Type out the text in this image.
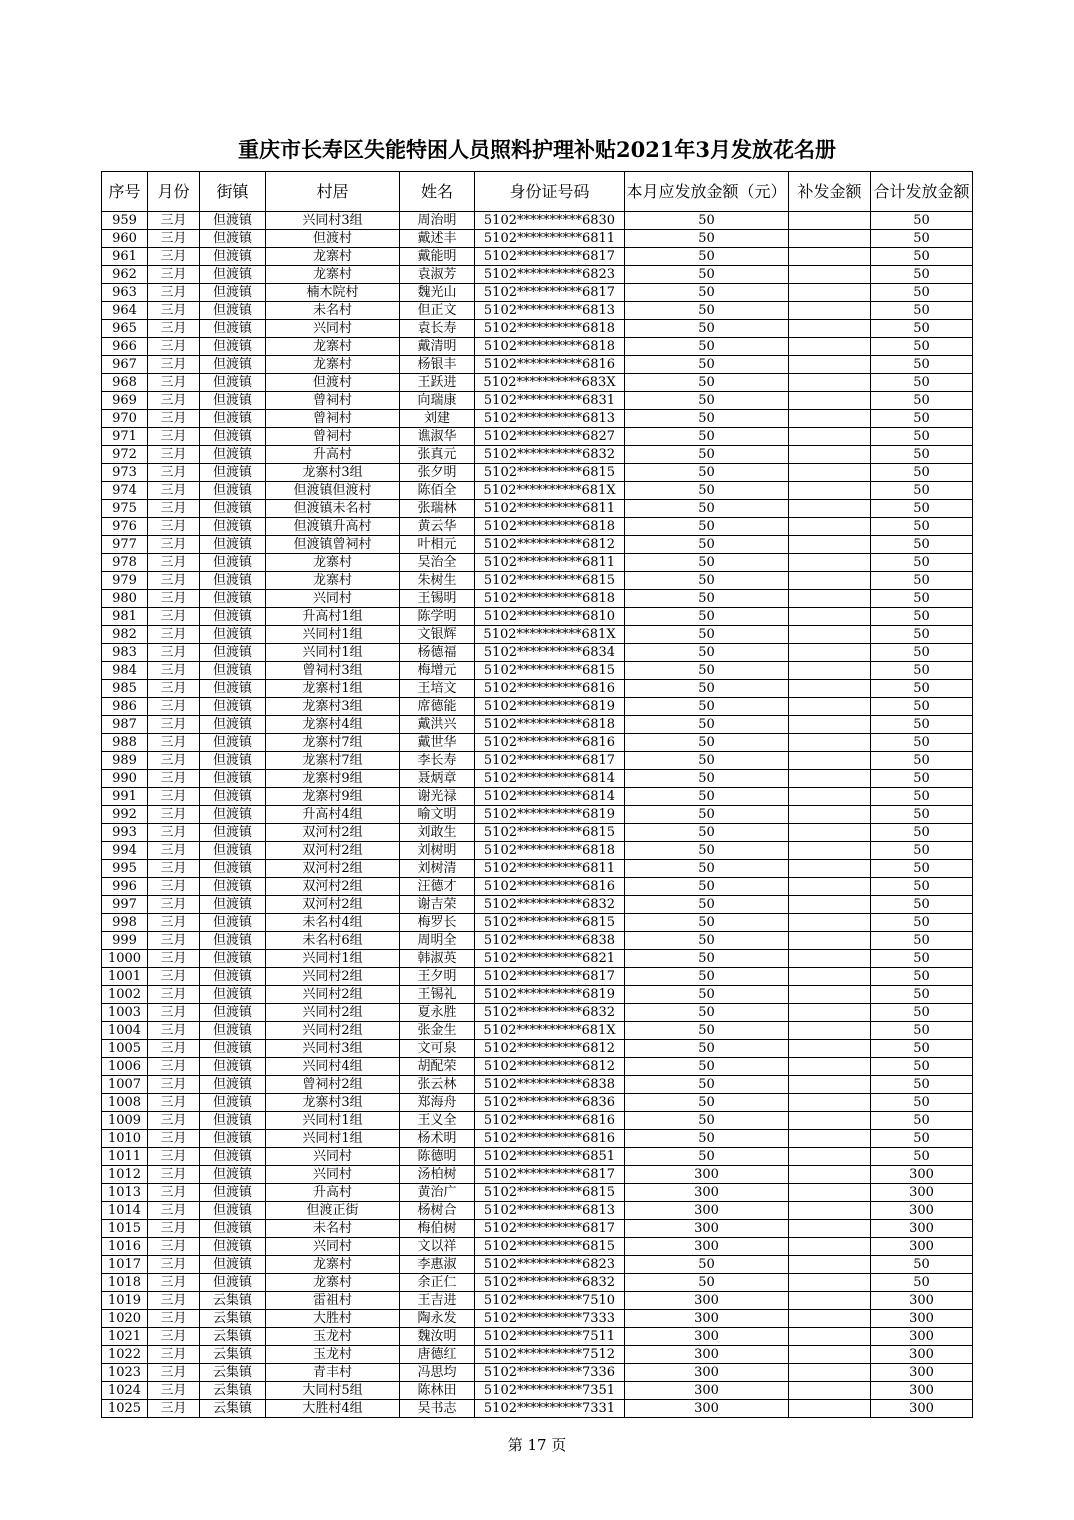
重庆市长寿区失能特困人员照料护理补贴2021年3月发放花名册
序号	月份	街镇	村居	姓名	身份证号码	本月应发放金额（元）	补发金额	合计发放金额
959	三月	但渡镇	兴同村3组	周治明	5102**********6830	50		50
960	三月	但渡镇	但渡村	戴述丰	5102**********6811	50		50
961	三月	但渡镇	龙寨村	戴能明	5102**********6817	50		50
962	三月	但渡镇	龙寨村	袁淑芳	5102**********6823	50		50
963	三月	但渡镇	楠木院村	魏光山	5102**********6817	50		50
964	三月	但渡镇	未名村	但正文	5102**********6813	50		50
965	三月	但渡镇	兴同村	袁长寿	5102**********6818	50		50
966	三月	但渡镇	龙寨村	戴清明	5102**********6818	50		50
967	三月	但渡镇	龙寨村	杨银丰	5102**********6816	50		50
968	三月	但渡镇	但渡村	王跃进	5102**********683X	50		50
969	三月	但渡镇	曾祠村	向瑞康	5102**********6831	50		50
970	三月	但渡镇	曾祠村	刘建	5102**********6813	50		50
971	三月	但渡镇	曾祠村	谯淑华	5102**********6827	50		50
972	三月	但渡镇	升高村	张真元	5102**********6832	50		50
973	三月	但渡镇	龙寨村3组	张夕明	5102**********6815	50		50
974	三月	但渡镇	但渡镇但渡村	陈佰全	5102**********681X	50		50
975	三月	但渡镇	但渡镇未名村	张瑞林	5102**********6811	50		50
976	三月	但渡镇	但渡镇升高村	黄云华	5102**********6818	50		50
977	三月	但渡镇	但渡镇曾祠村	叶相元	5102**********6812	50		50
978	三月	但渡镇	龙寨村	吴治全	5102**********6811	50		50
979	三月	但渡镇	龙寨村	朱树生	5102**********6815	50		50
980	三月	但渡镇	兴同村	王锡明	5102**********6818	50		50
981	三月	但渡镇	升高村1组	陈学明	5102**********6810	50		50
982	三月	但渡镇	兴同村1组	文银辉	5102**********681X	50		50
983	三月	但渡镇	兴同村1组	杨德福	5102**********6834	50		50
984	三月	但渡镇	曾祠村3组	梅增元	5102**********6815	50		50
985	三月	但渡镇	龙寨村1组	王培文	5102**********6816	50		50
986	三月	但渡镇	龙寨村3组	席德能	5102**********6819	50		50
987	三月	但渡镇	龙寨村4组	戴洪兴	5102**********6818	50		50
988	三月	但渡镇	龙寨村7组	戴世华	5102**********6816	50		50
989	三月	但渡镇	龙寨村7组	李长寿	5102**********6817	50		50
990	三月	但渡镇	龙寨村9组	聂炳章	5102**********6814	50		50
991	三月	但渡镇	龙寨村9组	谢光禄	5102**********6814	50		50
992	三月	但渡镇	升高村4组	喻文明	5102**********6819	50		50
993	三月	但渡镇	双河村2组	刘敢生	5102**********6815	50		50
994	三月	但渡镇	双河村2组	刘树明	5102**********6818	50		50
995	三月	但渡镇	双河村2组	刘树清	5102**********6811	50		50
996	三月	但渡镇	双河村2组	汪德才	5102**********6816	50		50
997	三月	但渡镇	双河村2组	谢吉荣	5102**********6832	50		50
998	三月	但渡镇	未名村4组	梅罗长	5102**********6815	50		50
999	三月	但渡镇	未名村6组	周明全	5102**********6838	50		50
1000	三月	但渡镇	兴同村1组	韩淑英	5102**********6821	50		50
1001	三月	但渡镇	兴同村2组	王夕明	5102**********6817	50		50
1002	三月	但渡镇	兴同村2组	王锡礼	5102**********6819	50		50
1003	三月	但渡镇	兴同村2组	夏永胜	5102**********6832	50		50
1004	三月	但渡镇	兴同村2组	张金生	5102**********681X	50		50
1005	三月	但渡镇	兴同村3组	文可泉	5102**********6812	50		50
1006	三月	但渡镇	兴同村4组	胡配荣	5102**********6812	50		50
1007	三月	但渡镇	曾祠村2组	张云林	5102**********6838	50		50
1008	三月	但渡镇	龙寨村3组	郑海舟	5102**********6836	50		50
1009	三月	但渡镇	兴同村1组	王义全	5102**********6816	50		50
1010	三月	但渡镇	兴同村1组	杨术明	5102**********6816	50		50
1011	三月	但渡镇	兴同村	陈德明	5102**********6851	50		50
1012	三月	但渡镇	兴同村	汤柏树	5102**********6817	300		300
1013	三月	但渡镇	升高村	黄治广	5102**********6815	300		300
1014	三月	但渡镇	但渡正街	杨树合	5102**********6813	300		300
1015	三月	但渡镇	未名村	梅伯树	5102**********6817	300		300
1016	三月	但渡镇	兴同村	文以祥	5102**********6815	300		300
1017	三月	但渡镇	龙寨村	李惠淑	5102**********6823	50		50
1018	三月	但渡镇	龙寨村	余正仁	5102**********6832	50		50
1019	三月	云集镇	雷祖村	王吉进	5102**********7510	300		300
1020	三月	云集镇	大胜村	陶永发	5102**********7333	300		300
1021	三月	云集镇	玉龙村	魏汝明	5102**********7511	300		300
1022	三月	云集镇	玉龙村	唐德红	5102**********7512	300		300
1023	三月	云集镇	青丰村	冯思均	5102**********7336	300		300
1024	三月	云集镇	大同村5组	陈林田	5102**********7351	300		300
1025	三月	云集镇	大胜村4组	吴书志	5102**********7331	300		300
第 17 页
